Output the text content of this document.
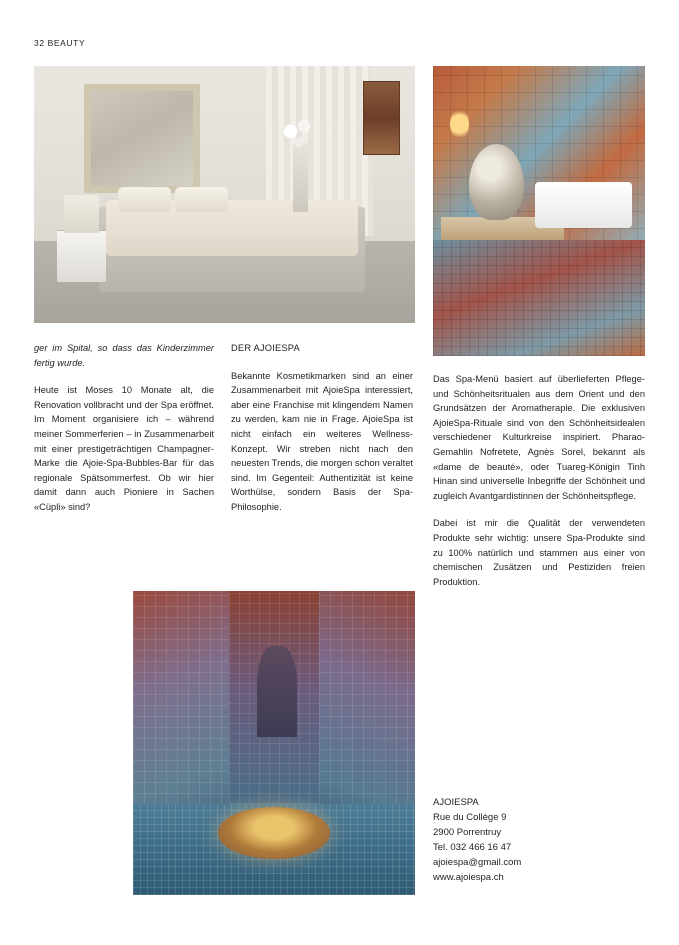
32 BEAUTY

ger im Spital, so dass das Kinderzimmer fertig wurde.

Heute ist Moses 10 Monate alt, die Renovation vollbracht und der Spa eröffnet. Im Moment organisiere ich – während meiner Sommerferien – in Zusammenarbeit mit einer prestigeträchtigen Champagner-Marke die Ajoie-Spa-Bubbles-Bar für das regionale Spätsommerfest. Ob wir hier damit dann auch Pioniere in Sachen «Cüpli» sind?

DER AJOIESPA

Bekannte Kosmetikmarken sind an einer Zusammenarbeit mit AjoieSpa interessiert, aber eine Franchise mit klingendem Namen zu werden, kam nie in Frage. AjoieSpa ist nicht einfach ein weiteres Wellness-Konzept. Wir streben nicht nach den neuesten Trends, die morgen schon veraltet sind. Im Gegenteil: Authentizität ist keine Worthülse, sondern Basis der Spa-Philosophie.

Das Spa-Menü basiert auf überlieferten Pflege- und Schönheitsritualen aus dem Orient und den Grundsätzen der Aromatherapie. Die exklusiven AjoieSpa-Rituale sind von den Schönheitsidealen verschiedener Kulturkreise inspiriert. Pharao-Gemahlin Nofretete, Agnès Sorel, bekannt als «dame de beauté», oder Tuareg-Königin Tinh Hinan sind universelle Inbegriffe der Schönheit und zugleich Avantgardistinnen der Schönheitspflege.

Dabei ist mir die Qualität der verwendeten Produkte sehr wichtig: unsere Spa-Produkte sind zu 100% natürlich und stammen aus einer von chemischen Zusätzen und Pestiziden freien Produktion.

AJOIESPA
Rue du Collège 9
2900 Porrentruy
Tel. 032 466 16 47
ajoiespa@gmail.com
www.ajoiespa.ch
